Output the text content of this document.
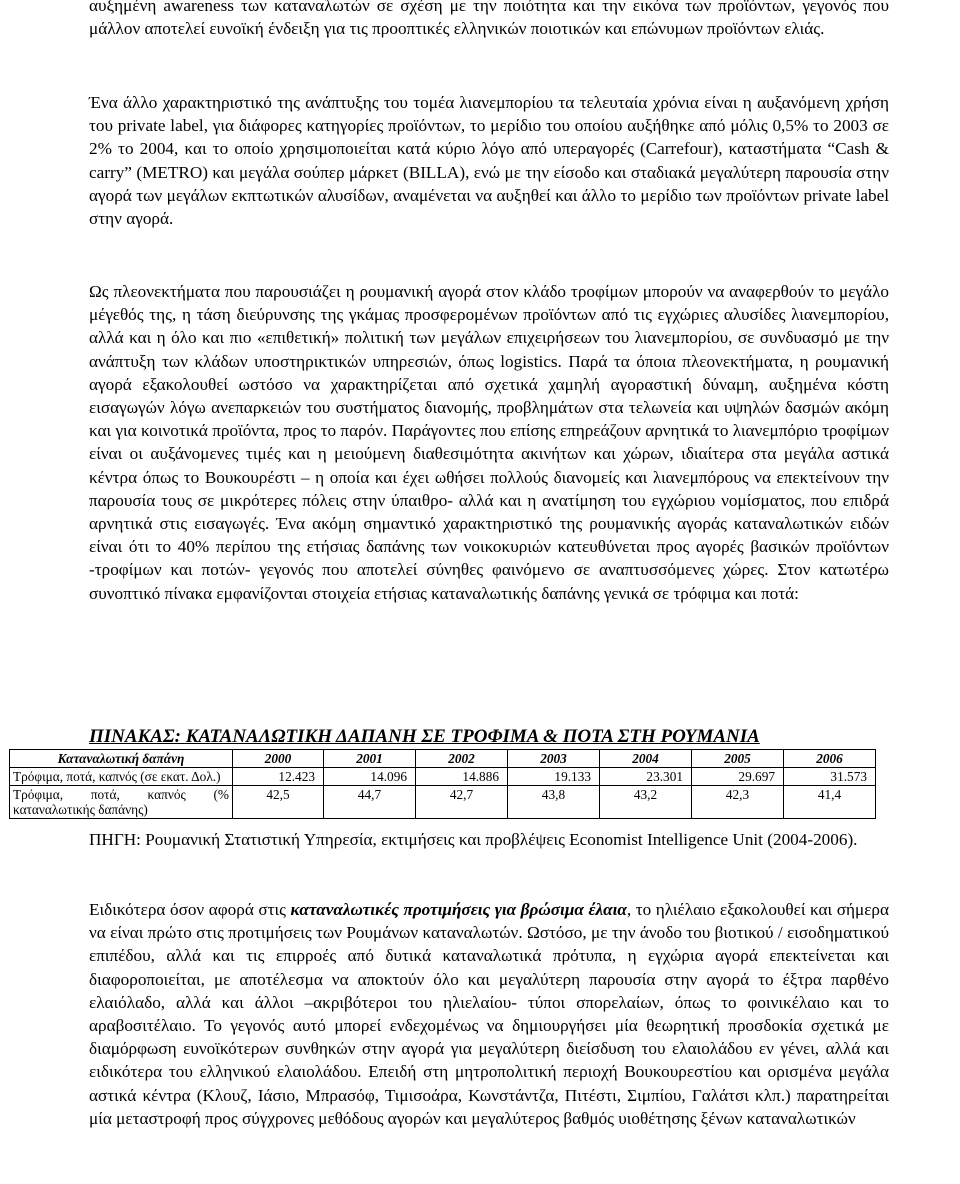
αυξημένη awareness των καταναλωτών σε σχέση με την ποιότητα και την εικόνα των προϊόντων, γεγονός που μάλλον αποτελεί ευνοϊκή ένδειξη για τις προοπτικές ελληνικών ποιοτικών και επώνυμων προϊόντων ελιάς.

Ένα άλλο χαρακτηριστικό της ανάπτυξης του τομέα λιανεμπορίου τα τελευταία χρόνια είναι η αυξανόμενη χρήση του private label, για διάφορες κατηγορίες προϊόντων, το μερίδιο του οποίου αυξήθηκε από μόλις 0,5% το 2003 σε 2% το 2004, και το οποίο χρησιμοποιείται κατά κύριο λόγο από υπεραγορές (Carrefour), καταστήματα “Cash & carry” (METRO) και μεγάλα σούπερ μάρκετ (BILLA), ενώ με την είσοδο και σταδιακά μεγαλύτερη παρουσία στην αγορά των μεγάλων εκπτωτικών αλυσίδων, αναμένεται να αυξηθεί και άλλο το μερίδιο των προϊόντων private label στην αγορά.

Ως πλεονεκτήματα που παρουσιάζει η ρουμανική αγορά στον κλάδο τροφίμων μπορούν να αναφερθούν το μεγάλο μέγεθός της, η τάση διεύρυνσης της γκάμας προσφερομένων προϊόντων από τις εγχώριες αλυσίδες λιανεμπορίου, αλλά και η όλο και πιο «επιθετική» πολιτική των μεγάλων επιχειρήσεων του λιανεμπορίου, σε συνδυασμό με την ανάπτυξη των κλάδων υποστηρικτικών υπηρεσιών, όπως logistics. Παρά τα όποια πλεονεκτήματα, η ρουμανική αγορά εξακολουθεί ωστόσο να χαρακτηρίζεται από σχετικά χαμηλή αγοραστική δύναμη, αυξημένα κόστη εισαγωγών λόγω ανεπαρκειών του συστήματος διανομής, προβλημάτων στα τελωνεία και υψηλών δασμών ακόμη και για κοινοτικά προϊόντα, προς το παρόν. Παράγοντες που επίσης επηρεάζουν αρνητικά το λιανεμπόριο τροφίμων είναι οι αυξάνομενες τιμές και η μειούμενη διαθεσιμότητα ακινήτων και χώρων, ιδιαίτερα στα μεγάλα αστικά κέντρα όπως το Βουκουρέστι – η οποία και έχει ωθήσει πολλούς διανομείς και λιανεμπόρους να επεκτείνουν την παρουσία τους σε μικρότερες πόλεις στην ύπαιθρο- αλλά και η ανατίμηση του εγχώριου νομίσματος, που επιδρά αρνητικά στις εισαγωγές. Ένα ακόμη σημαντικό χαρακτηριστικό της ρουμανικής αγοράς καταναλωτικών ειδών είναι ότι το 40% περίπου της ετήσιας δαπάνης των νοικοκυριών κατευθύνεται προς αγορές βασικών προϊόντων -τροφίμων και ποτών- γεγονός που αποτελεί σύνηθες φαινόμενο σε αναπτυσσόμενες χώρες. Στον κατωτέρω συνοπτικό πίνακα εμφανίζονται στοιχεία ετήσιας καταναλωτικής δαπάνης γενικά σε τρόφιμα και ποτά:

ΠΙΝΑΚΑΣ: ΚΑΤΑΝΑΛΩΤΙΚΗ ΔΑΠΑΝΗ ΣΕ ΤΡΟΦΙΜΑ & ΠΟΤΑ ΣΤΗ ΡΟΥΜΑΝΙΑ
Καταναλωτική δαπάνη	2000	2001	2002	2003	2004	2005	2006
Τρόφιμα, ποτά, καπνός (σε εκατ. Δολ.)	12.423	14.096	14.886	19.133	23.301	29.697	31.573

Τρόφιμα, ποτά, καπνός (%
καταναλωτικής δαπάνης)	42,5	44,7	42,7	43,8	43,2	42,3	41,4

ΠΗΓΗ: Ρουμανική Στατιστική Υπηρεσία, εκτιμήσεις και προβλέψεις Economist Intelligence Unit (2004-2006).

Ειδικότερα όσον αφορά στις καταναλωτικές προτιμήσεις για βρώσιμα έλαια, το ηλιέλαιο εξακολουθεί και σήμερα να είναι πρώτο στις προτιμήσεις των Ρουμάνων καταναλωτών. Ωστόσο, με την άνοδο του βιοτικού / εισοδηματικού επιπέδου, αλλά και τις επιρροές από δυτικά καταναλωτικά πρότυπα, η εγχώρια αγορά επεκτείνεται και διαφοροποιείται, με αποτέλεσμα να αποκτούν όλο και μεγαλύτερη παρουσία στην αγορά το έξτρα παρθένο ελαιόλαδο, αλλά και άλλοι –ακριβότεροι του ηλιελαίου- τύποι σπορελαίων, όπως το φοινικέλαιο και το αραβοσιτέλαιο. Το γεγονός αυτό μπορεί ενδεχομένως να δημιουργήσει μία θεωρητική προσδοκία σχετικά με διαμόρφωση ευνοϊκότερων συνθηκών στην αγορά για μεγαλύτερη διείσδυση του ελαιολάδου εν γένει, αλλά και ειδικότερα του ελληνικού ελαιολάδου. Επειδή στη μητροπολιτική περιοχή Βουκουρεστίου και ορισμένα μεγάλα αστικά κέντρα (Κλουζ, Ιάσιο, Μπρασόφ, Τιμισοάρα, Κωνστάντζα, Πιτέστι, Σιμπίου, Γαλάτσι κλπ.) παρατηρείται μία μεταστροφή προς σύγχρονες μεθόδους αγορών και μεγαλύτερος βαθμός υιοθέτησης ξένων καταναλωτικών
